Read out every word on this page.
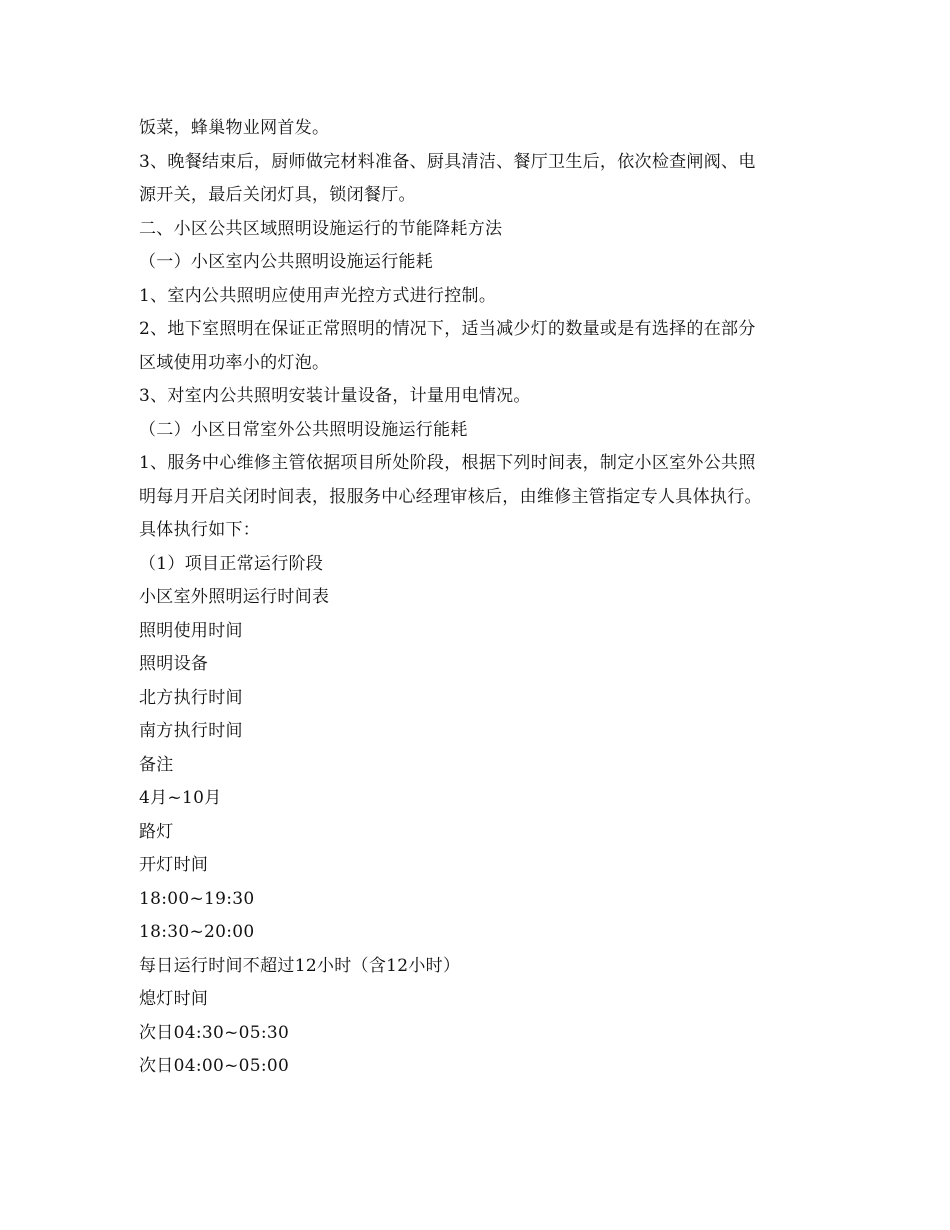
饭菜，蜂巢物业网首发。
3、晚餐结束后，厨师做完材料准备、厨具清洁、餐厅卫生后，依次检查闸阀、电
源开关，最后关闭灯具，锁闭餐厅。
二、小区公共区域照明设施运行的节能降耗方法
（一）小区室内公共照明设施运行能耗
1、室内公共照明应使用声光控方式进行控制。
2、地下室照明在保证正常照明的情况下，适当减少灯的数量或是有选择的在部分
区域使用功率小的灯泡。
3、对室内公共照明安装计量设备，计量用电情况。
（二）小区日常室外公共照明设施运行能耗
1、服务中心维修主管依据项目所处阶段，根据下列时间表，制定小区室外公共照
明每月开启关闭时间表，报服务中心经理审核后，由维修主管指定专人具体执行。
具体执行如下：
（1）项目正常运行阶段
小区室外照明运行时间表
照明使用时间
照明设备
北方执行时间
南方执行时间
备注
4月~10月
路灯
开灯时间
18:00~19:30
18:30~20:00
每日运行时间不超过12小时（含12小时）
熄灯时间
次日04:30~05:30
次日04:00~05:00
